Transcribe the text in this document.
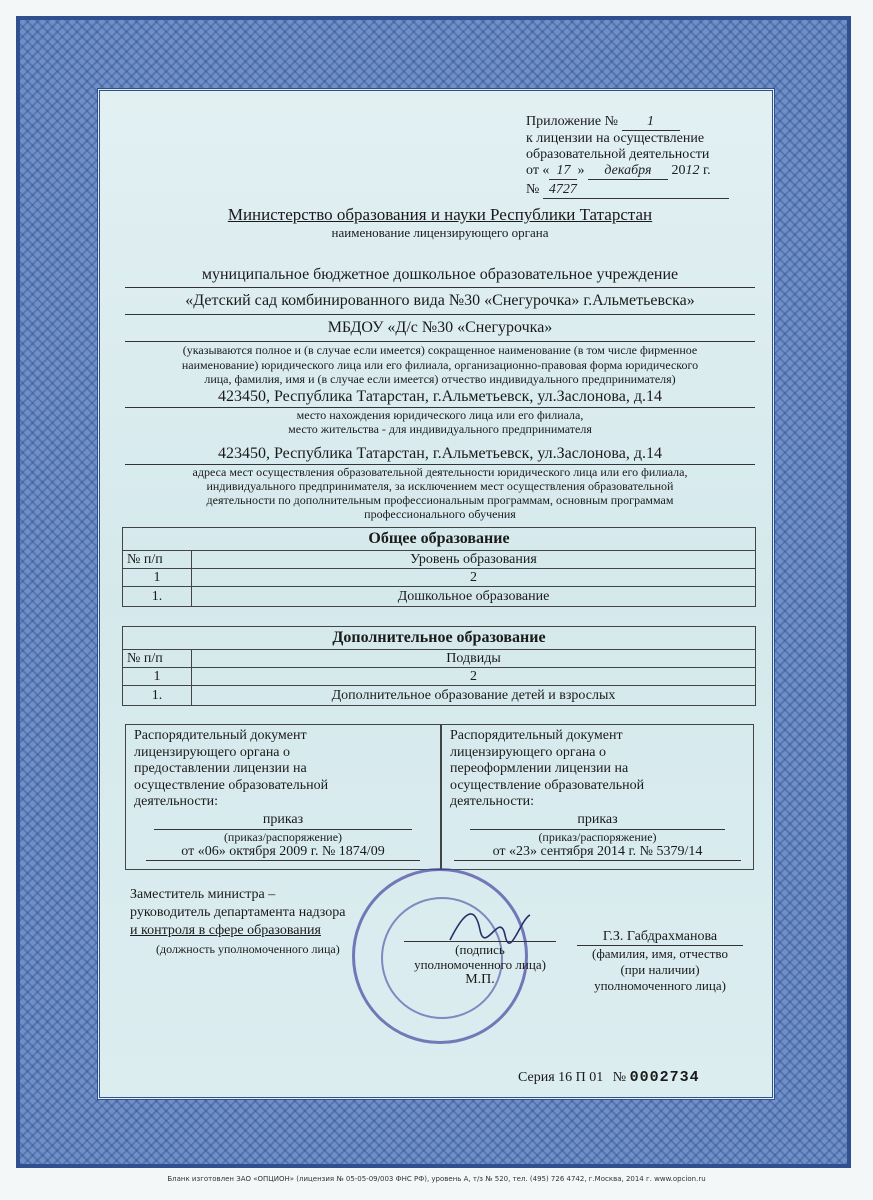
Приложение № 1
к лицензии на осуществление
образовательной деятельности
от « 17 » декабря 2012 г.
№ 4727
Министерство образования и науки Республики Татарстан
наименование лицензирующего органа
муниципальное бюджетное дошкольное образовательное учреждение
«Детский сад комбинированного вида №30 «Снегурочка» г.Альметьевска»
МБДОУ «Д/с №30 «Снегурочка»
(указываются полное и (в случае если имеется) сокращенное наименование (в том числе фирменное
наименование) юридического лица или его филиала, организационно-правовая форма юридического
лица, фамилия, имя и (в случае если имеется) отчество индивидуального предпринимателя)
423450, Республика Татарстан, г.Альметьевск, ул.Заслонова, д.14
место нахождения юридического лица или его филиала,
место жительства - для индивидуального предпринимателя
423450, Республика Татарстан, г.Альметьевск, ул.Заслонова, д.14
адреса мест осуществления образовательной деятельности юридического лица или его филиала,
индивидуального предпринимателя, за исключением мест осуществления образовательной
деятельности по дополнительным профессиональным программам, основным программам
профессионального обучения
Общее образование	
№ п/п	Уровень образования
1	2
1.	Дошкольное образование
Дополнительное образование	
№ п/п	Подвиды
1	2
1.	Дополнительное образование детей и взрослых
Распорядительный документ
лицензирующего органа о
предоставлении лицензии на
осуществление образовательной
деятельности:
приказ
(приказ/распоряжение)
от «06» октября 2009 г. № 1874/09
Распорядительный документ
лицензирующего органа о
переоформлении лицензии на
осуществление образовательной
деятельности:
приказ
(приказ/распоряжение)
от «23» сентября 2014 г. № 5379/14
Заместитель министра –
руководитель департамента надзора
и контроля в сфере образования
(должность уполномоченного лица)	(подпись
уполномоченного лица)
М.П.
Г.З. Габдрахманова
(фамилия, имя, отчество
(при наличии)
уполномоченного лица)
Серия 16 П 01 № 0002734
Бланк изготовлен ЗАО «ОПЦИОН» (лицензия № 05-05-09/003 ФНС РФ), уровень А, т/з № 520, тел. (495) 726 4742, г.Москва, 2014 г. www.opcion.ru
